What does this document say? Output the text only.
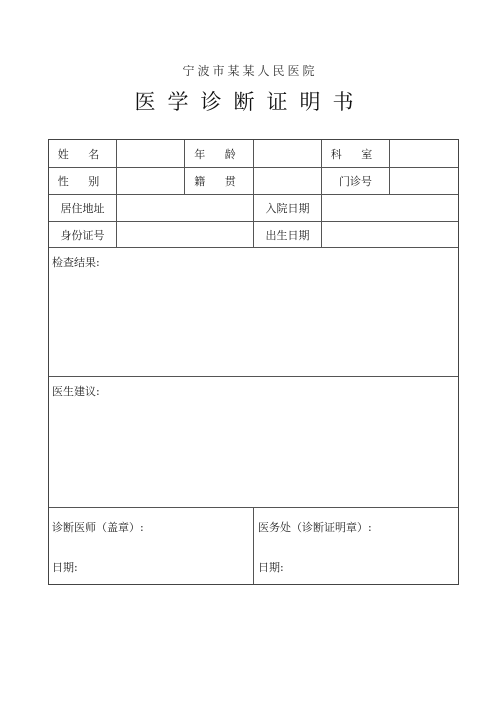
宁波市某某人民医院
医学诊断证明书
姓 名	年 龄	科 室
性 别	籍 贯	门诊号
居住地址	入院日期
身份证号	出生日期
检查结果:
医生建议:
诊断医师（盖章）:
日期:
医务处（诊断证明章）:
日期:
